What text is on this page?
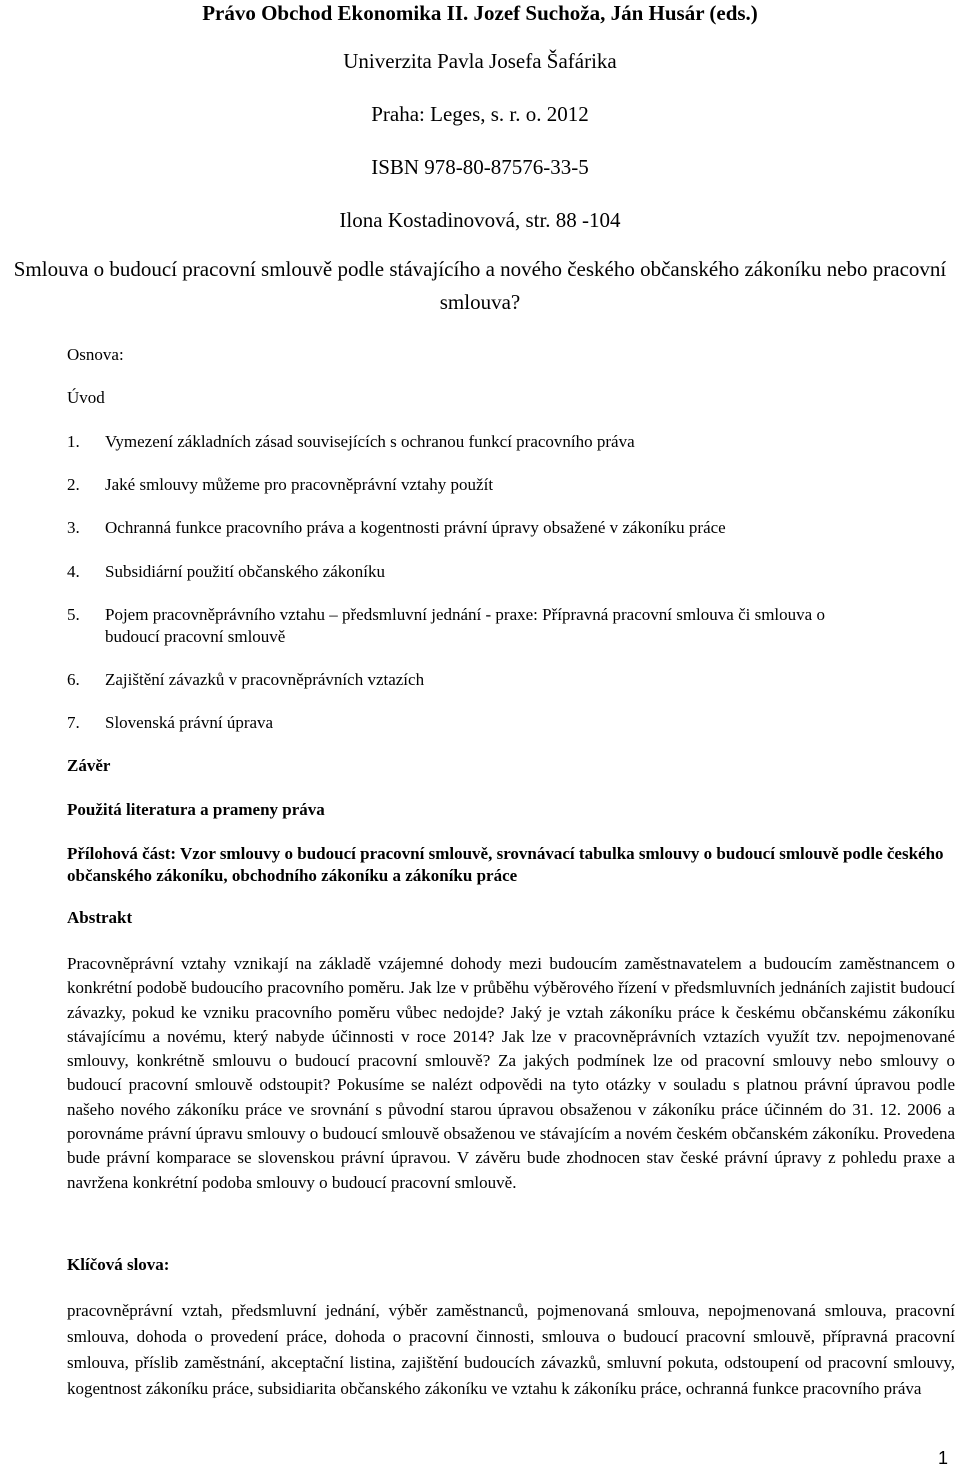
Právo Obchod Ekonomika II. Jozef Suchoža, Ján Husár (eds.)
Univerzita Pavla Josefa Šafárika
Praha: Leges, s. r. o. 2012
ISBN 978-80-87576-33-5
Ilona Kostadinovová, str. 88 -104
Smlouva o budoucí pracovní smlouvě podle stávajícího a nového českého občanského zákoníku nebo pracovní smlouva?
Osnova:
Úvod
1.	Vymezení základních zásad souvisejících s ochranou funkcí pracovního práva
2.	Jaké smlouvy můžeme pro pracovněprávní vztahy použít
3.	Ochranná funkce pracovního práva a kogentnosti právní úpravy obsažené v zákoníku práce
4.	Subsidiární použití občanského zákoníku
5.	Pojem pracovněprávního vztahu – předsmluvní jednání - praxe: Přípravná pracovní smlouva či smlouva o budoucí pracovní smlouvě
6.	Zajištění závazků v pracovněprávních vztazích
7.	Slovenská právní úprava
Závěr
Použitá literatura a prameny práva
Přílohová část: Vzor smlouvy o budoucí pracovní smlouvě, srovnávací tabulka smlouvy o budoucí smlouvě podle českého občanského zákoníku, obchodního zákoníku a zákoníku práce
Abstrakt
Pracovněprávní vztahy vznikají na základě vzájemné dohody mezi budoucím zaměstnavatelem a budoucím zaměstnancem o konkrétní podobě budoucího pracovního poměru. Jak lze v průběhu výběrového řízení v předsmluvních jednáních zajistit budoucí závazky, pokud ke vzniku pracovního poměru vůbec nedojde? Jaký je vztah zákoníku práce k českému občanskému zákoníku stávajícímu a novému, který nabyde účinnosti v roce 2014? Jak lze v pracovněprávních vztazích využít tzv. nepojmenované smlouvy, konkrétně smlouvu o budoucí pracovní smlouvě? Za jakých podmínek lze od pracovní smlouvy nebo smlouvy o budoucí pracovní smlouvě odstoupit? Pokusíme se nalézt odpovědi na tyto otázky v souladu s platnou právní úpravou podle našeho nového zákoníku práce ve srovnání s původní starou úpravou obsaženou v zákoníku práce účinném do 31. 12. 2006 a porovnáme právní úpravu smlouvy o budoucí smlouvě obsaženou ve stávajícím a novém českém občanském zákoníku. Provedena bude právní komparace se slovenskou právní úpravou. V závěru bude zhodnocen stav české právní úpravy z pohledu praxe a navržena konkrétní podoba smlouvy o budoucí pracovní smlouvě.
Klíčová slova:
pracovněprávní vztah, předsmluvní jednání, výběr zaměstnanců, pojmenovaná smlouva, nepojmenovaná smlouva, pracovní smlouva, dohoda o provedení práce, dohoda o pracovní činnosti, smlouva o budoucí pracovní smlouvě, přípravná pracovní smlouva, příslib zaměstnání, akceptační listina, zajištění budoucích závazků, smluvní pokuta, odstoupení od pracovní smlouvy, kogentnost zákoníku práce, subsidiarita občanského zákoníku ve vztahu k zákoníku práce, ochranná funkce pracovního práva
1
